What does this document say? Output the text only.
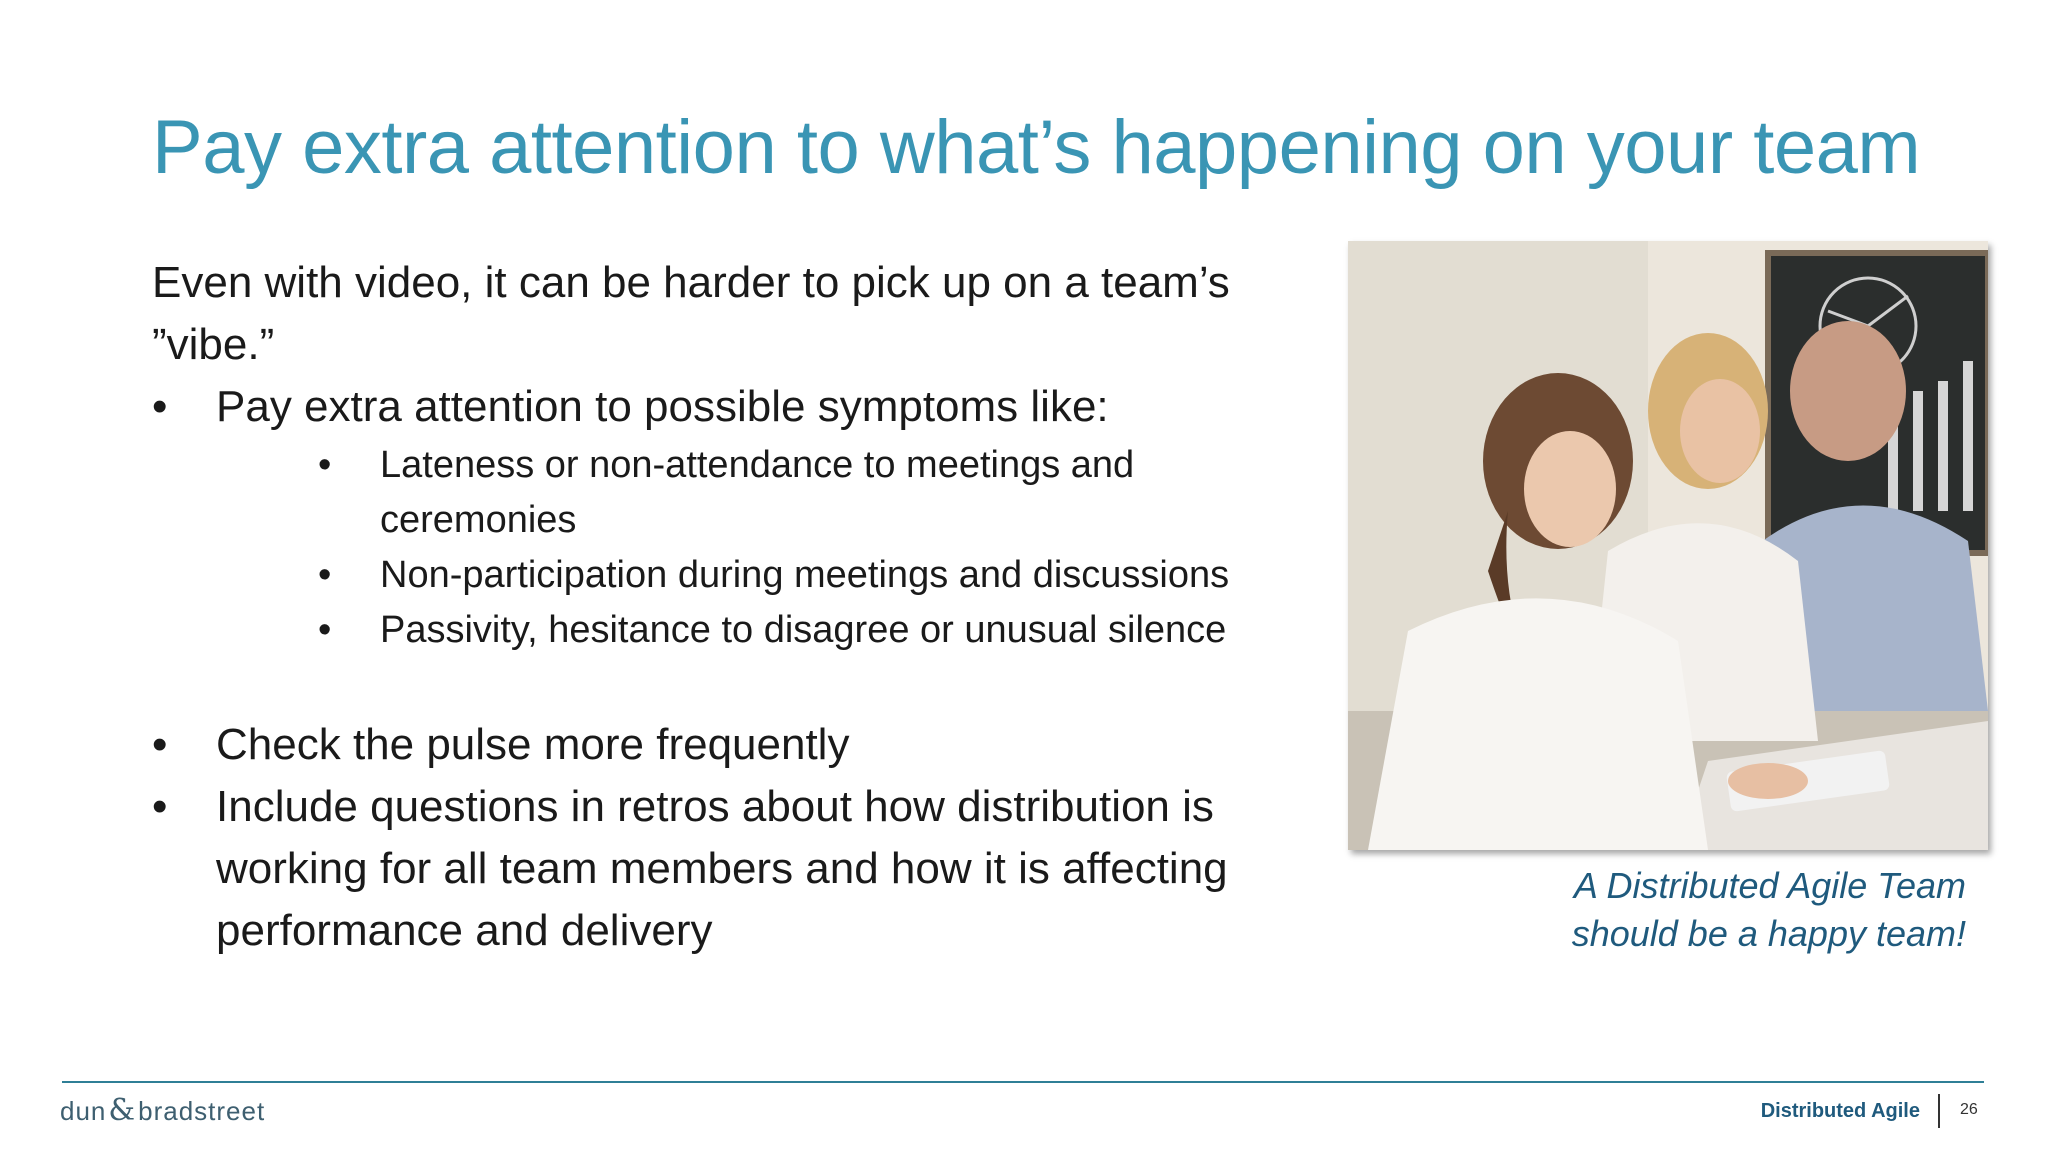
Pay extra attention to what’s happening on your team

Even with video, it can be harder to pick up on a team’s ”vibe.”

• Pay extra attention to possible symptoms like:
• Lateness or non-attendance to meetings and ceremonies
• Non-participation during meetings and discussions
• Passivity, hesitance to disagree or unusual silence
• Check the pulse more frequently
• Include questions in retros about how distribution is working for all team members and how it is affecting performance and delivery
A Distributed Agile Team
should be a happy team!
dun&bradstreet	Distributed Agile	26
